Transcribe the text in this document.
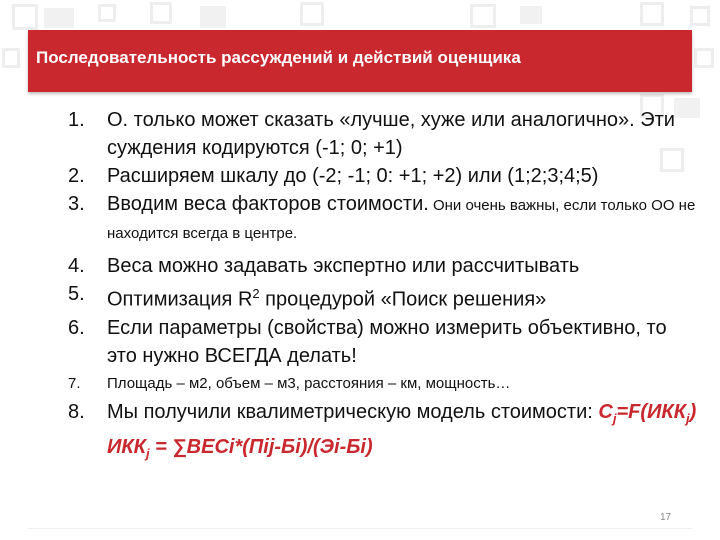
Последовательность рассуждений и действий оценщика
1. О. только может сказать «лучше, хуже или аналогично». Эти суждения кодируются (-1; 0; +1)
2. Расширяем шкалу до (-2; -1; 0: +1; +2) или (1;2;3;4;5)
3. Вводим веса факторов стоимости. Они очень важны, если только ОО не находится всегда в центре.
4. Веса можно задавать экспертно или рассчитывать
5. Оптимизация $R^2$ процедурой «Поиск решения»
6. Если параметры (свойства) можно измерить объективно, то это нужно ВСЕГДА делать!
7. Площадь – м2, объем – м3, расстояния – км, мощность…
8. Мы получили квалиметрическую модель стоимости: $C_j=F(ИКК_j) ИКК_j$ = ∑ВЕСi*(Пij-Бi)/(Эi-Бi)
17
